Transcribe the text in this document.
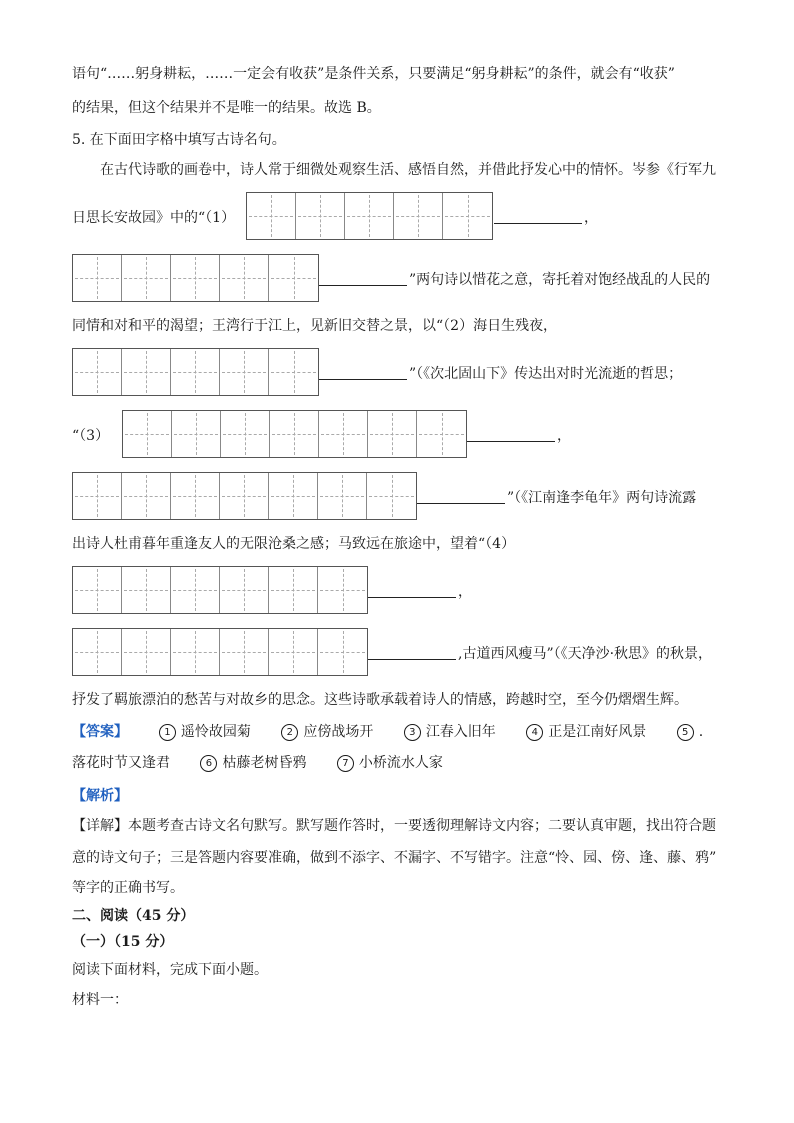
语句“……躬身耕耘，……一定会有收获”是条件关系，只要满足“躬身耕耘”的条件，就会有“收获”
的结果，但这个结果并不是唯一的结果。故选 B。
5. 在下面田字格中填写古诗名句。
在古代诗歌的画卷中，诗人常于细微处观察生活、感悟自然，并借此抒发心中的情怀。岑参《行军九
日思长安故园》中的“（1）	，
”两句诗以惜花之意，寄托着对饱经战乱的人民的
同情和对和平的渴望；王湾行于江上，见新旧交替之景，以“（2）海日生残夜，
”（《次北固山下》传达出对时光流逝的哲思；
“（3）	，
”（《江南逢李龟年》两句诗流露
出诗人杜甫暮年重逢友人的无限沧桑之感；马致远在旅途中，望着“（4）
，
,古道西风瘦马”（《天净沙·秋思》的秋景，
抒发了羁旅漂泊的愁苦与对故乡的思念。这些诗歌承载着诗人的情感，跨越时空，至今仍熠熠生辉。
【答案】	1 遥怜故园菊	2 应傍战场开	3 江春入旧年	4 正是江南好风景	5 .
落花时节又逢君	6 枯藤老树昏鸦	7 小桥流水人家
【解析】
【详解】本题考查古诗文名句默写。默写题作答时，一要透彻理解诗文内容；二要认真审题，找出符合题
意的诗文句子；三是答题内容要准确，做到不添字、不漏字、不写错字。注意“怜、园、傍、逢、藤、鸦”
等字的正确书写。
二、阅读（45 分）
（一）（15 分）
阅读下面材料，完成下面小题。
材料一：
